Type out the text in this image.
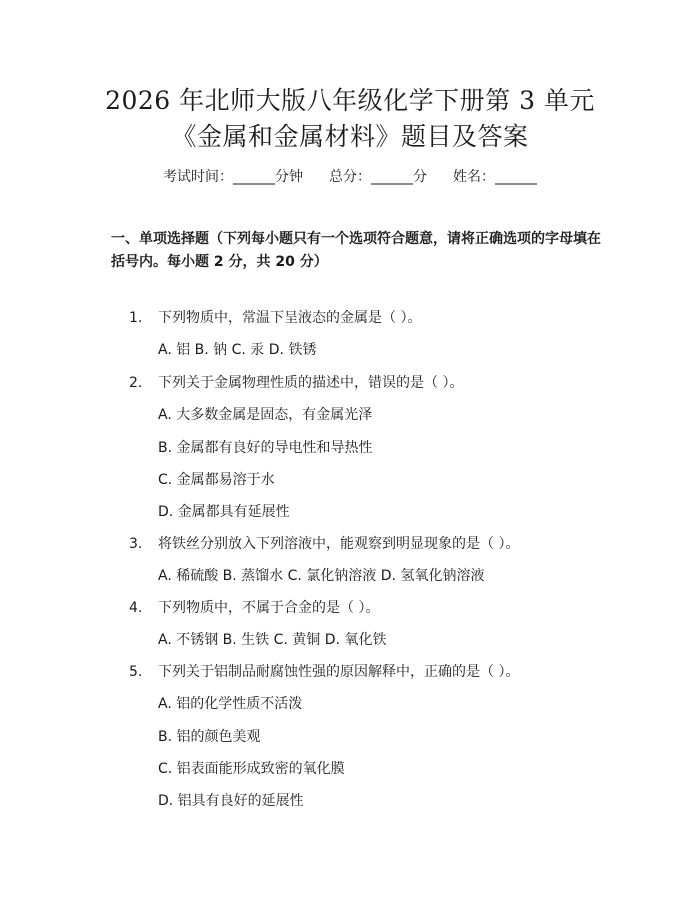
2026 年北师大版八年级化学下册第 3 单元
《金属和金属材料》题目及答案
考试时间：______分钟 总分：______分 姓名：______
一、单项选择题（下列每小题只有一个选项符合题意，请将正确选项的字母填在括号内。每小题 2 分，共 20 分）
1. 下列物质中，常温下呈液态的金属是（ ）。
A. 铝 B. 钠 C. 汞 D. 铁锈
2. 下列关于金属物理性质的描述中，错误的是（ ）。
A. 大多数金属是固态，有金属光泽
B. 金属都有良好的导电性和导热性
C. 金属都易溶于水
D. 金属都具有延展性
3. 将铁丝分别放入下列溶液中，能观察到明显现象的是（ ）。
A. 稀硫酸 B. 蒸馏水 C. 氯化钠溶液 D. 氢氧化钠溶液
4. 下列物质中，不属于合金的是（ ）。
A. 不锈钢 B. 生铁 C. 黄铜 D. 氧化铁
5. 下列关于铝制品耐腐蚀性强的原因解释中，正确的是（ ）。
A. 铝的化学性质不活泼
B. 铝的颜色美观
C. 铝表面能形成致密的氧化膜
D. 铝具有良好的延展性
